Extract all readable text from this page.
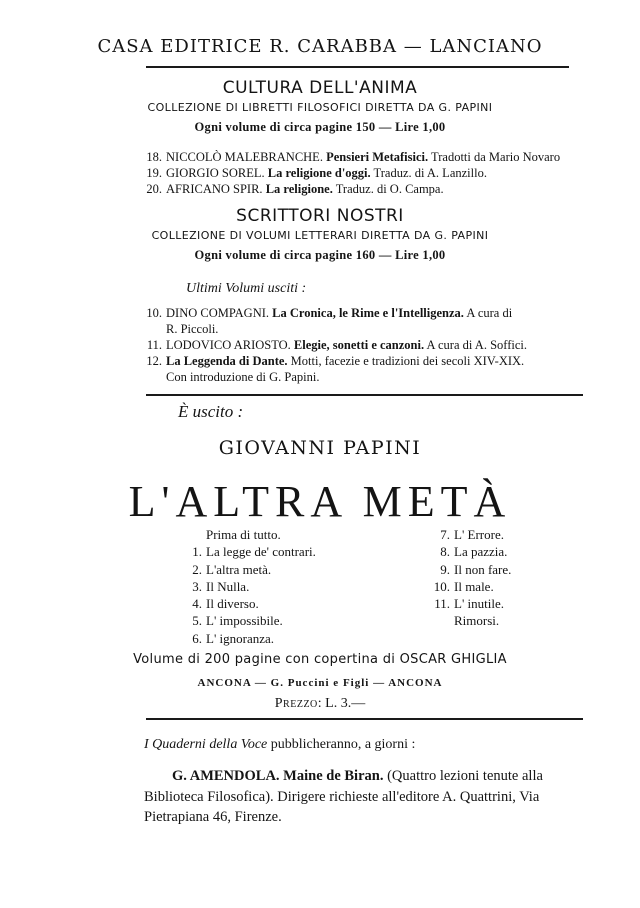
CASA EDITRICE R. CARABBA — LANCIANO
CULTURA DELL'ANIMA
COLLEZIONE DI LIBRETTI FILOSOFICI DIRETTA DA G. PAPINI
Ogni volume di circa pagine 150 — Lire 1,00
18. NICCOLÒ MALEBRANCHE. Pensieri Metafisici. Tradotti da Mario Novaro
19. GIORGIO SOREL. La religione d'oggi. Traduz. di A. Lanzillo.
20. AFRICANO SPIR. La religione. Traduz. di O. Campa.
SCRITTORI NOSTRI
COLLEZIONE DI VOLUMI LETTERARI DIRETTA DA G. PAPINI
Ogni volume di circa pagine 160 — Lire 1,00
Ultimi Volumi usciti :
10. DINO COMPAGNI. La Cronica, le Rime e l'Intelligenza. A cura di
R. Piccoli.
11. LODOVICO ARIOSTO. Elegie, sonetti e canzoni. A cura di A. Soffici.
12. La Leggenda di Dante. Motti, facezie e tradizioni dei secoli XIV-XIX.
Con introduzione di G. Papini.
È uscito :
GIOVANNI PAPINI
L'ALTRA METÀ
Prima di tutto.
1. La legge de' contrari.
2. L'altra metà.
3. Il Nulla.
4. Il diverso.
5. L' impossibile.
6. L' ignoranza.
7. L' Errore.
8. La pazzia.
9. Il non fare.
10. Il male.
11. L' inutile.
Rimorsi.
Volume di 200 pagine con copertina di OSCAR GHIGLIA
ANCONA — G. Puccini e Figli — ANCONA
Prezzo: L. 3.—
I Quaderni della Voce pubblicheranno, a giorni :
G. AMENDOLA. Maine de Biran. (Quattro lezioni tenute alla Biblioteca Filosofica). Dirigere richieste all'editore A. Quattrini, Via Pietrapiana 46, Firenze.
